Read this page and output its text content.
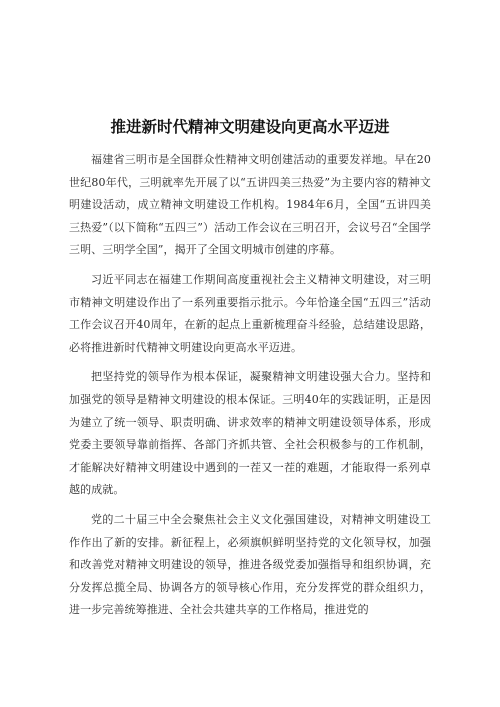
推进新时代精神文明建设向更高水平迈进

福建省三明市是全国群众性精神文明创建活动的重要发祥地。早在20世纪80年代，三明就率先开展了以“五讲四美三热爱”为主要内容的精神文明建设活动，成立精神文明建设工作机构。1984年6月，全国“五讲四美三热爱”（以下简称“五四三”）活动工作会议在三明召开，会议号召“全国学三明、三明学全国”，揭开了全国文明城市创建的序幕。

习近平同志在福建工作期间高度重视社会主义精神文明建设，对三明市精神文明建设作出了一系列重要指示批示。今年恰逢全国“五四三”活动工作会议召开40周年，在新的起点上重新梳理奋斗经验，总结建设思路，必将推进新时代精神文明建设向更高水平迈进。

把坚持党的领导作为根本保证，凝聚精神文明建设强大合力。坚持和加强党的领导是精神文明建设的根本保证。三明40年的实践证明，正是因为建立了统一领导、职责明确、讲求效率的精神文明建设领导体系，形成党委主要领导靠前指挥、各部门齐抓共管、全社会积极参与的工作机制，才能解决好精神文明建设中遇到的一茬又一茬的难题，才能取得一系列卓越的成就。

党的二十届三中全会聚焦社会主义文化强国建设，对精神文明建设工作作出了新的安排。新征程上，必须旗帜鲜明坚持党的文化领导权，加强和改善党对精神文明建设的领导，推进各级党委加强指导和组织协调，充分发挥总揽全局、协调各方的领导核心作用，充分发挥党的群众组织力，进一步完善统筹推进、全社会共建共享的工作格局，推进党的
